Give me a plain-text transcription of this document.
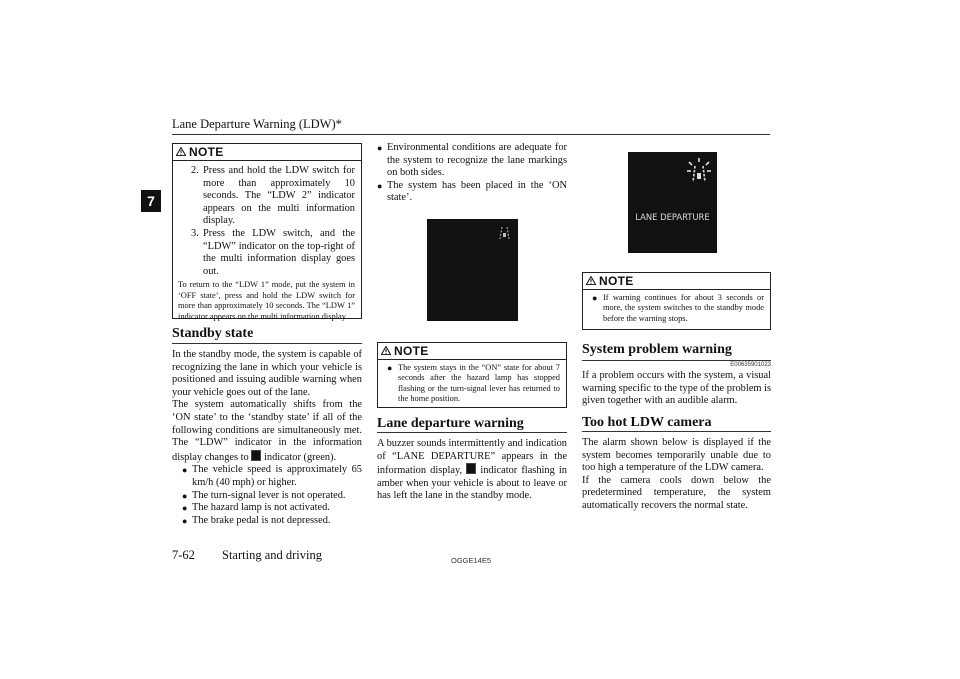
Lane Departure Warning (LDW)*
7
NOTE
2. Press and hold the LDW switch for more than approximately 10 seconds. The “LDW 2” indicator appears on the multi information display.
3. Press the LDW switch, and the “LDW” indicator on the top-right of the multi information display goes out.
To return to the “LDW 1” mode, put the system in ‘OFF state’, press and hold the LDW switch for more than approximately 10 seconds. The “LDW 1” indicator appears on the multi information display.
Standby state
In the standby mode, the system is capable of recognizing the lane in which your vehicle is positioned and issuing audible warning when your vehicle goes out of the lane.
The system automatically shifts from the ‘ON state’ to the ‘standby state’ if all of the following conditions are simultaneously met. The “LDW” indicator in the information display changes to indicator (green).
● The vehicle speed is approximately 65 km/h (40 mph) or higher.
● The turn-signal lever is not operated.
● The hazard lamp is not activated.
● The brake pedal is not depressed.
● Environmental conditions are adequate for the system to recognize the lane markings on both sides.
● The system has been placed in the ‘ON state’.
NOTE
● The system stays in the “ON” state for about 7 seconds after the hazard lamp has stopped flashing or the turn-signal lever has returned to the home position.
Lane departure warning
A buzzer sounds intermittently and indication of “LANE DEPARTURE” appears in the information display, indicator flashing in amber when your vehicle is about to leave or has left the lane in the standby mode.
LANE DEPARTURE
NOTE
● If warning continues for about 3 seconds or more, the system switches to the standby mode before the warning stops.
System problem warning
E00635901023
If a problem occurs with the system, a visual warning specific to the type of the problem is given together with an audible alarm.
Too hot LDW camera
The alarm shown below is displayed if the system becomes temporarily unable due to too high a temperature of the LDW camera.
If the camera cools down below the predetermined temperature, the system automatically recovers the normal state.
7-62 Starting and driving	OGGE14E5
